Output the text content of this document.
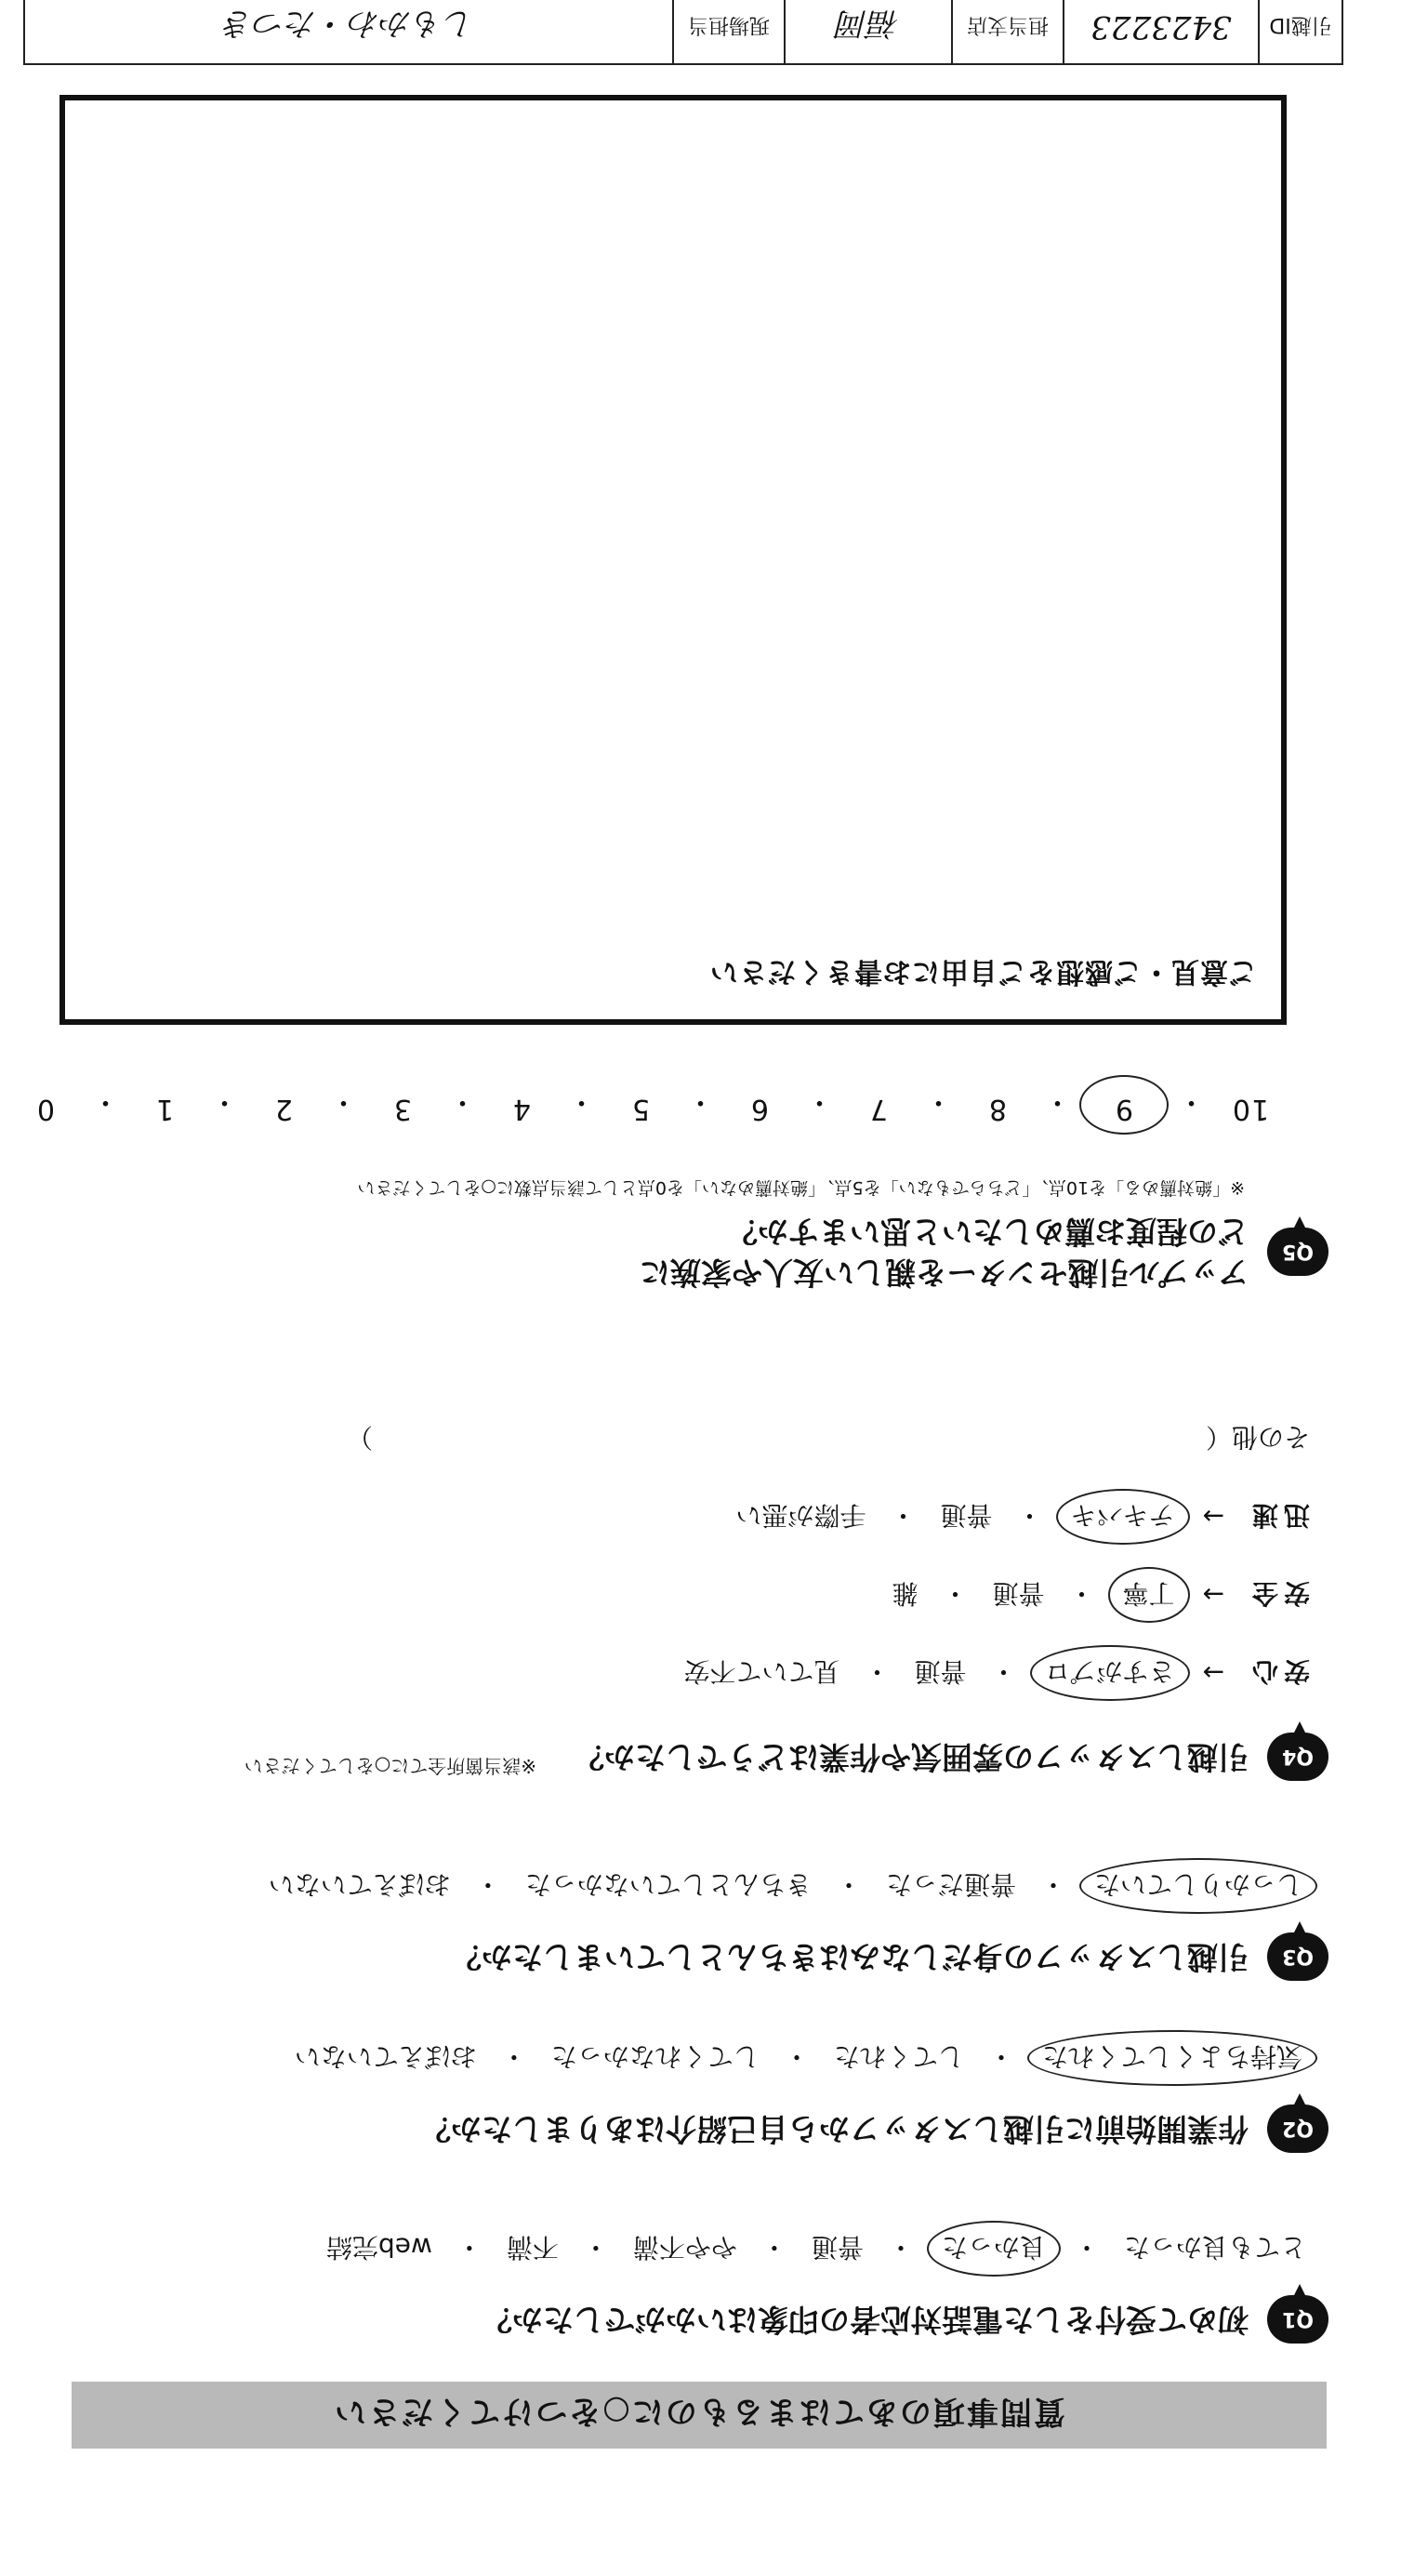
質問事項のあてはまるものに○をつけてください
Q1
初めて受付をした電話対応者の印象はいかがでしたか？
とても良かった
・
良かった
・
普通
・
やや不満
・
不満
・
web完結
Q2
作業開始前に引越しスタッフから自己紹介はありましたか？
気持ちよくしてくれた
・
してくれた
・
してくれなかった
・
おぼえていない
Q3
引越しスタッフの身だしなみはきちんとしていましたか？
しっかりしていた
・
普通だった
・
きちんとしていなかった
・
おぼえていない
Q4
引越しスタッフの雰囲気や作業はどうでしたか？
※該当箇所全てに○をしてください
安心
→
さすがプロ
・
普通
・
見ていて不安
安全
→
丁寧
・
普通
・
雑
迅速
→
テキパキ
・
普通
・
手際が悪い
その他（　　　　　　　　　　　　　　　　　　　　　　　　　　　　　　　　）
Q5
アップル引越センターを親しい友人や家族に
どの程度お薦めしたいと思いますか？
※「絶対薦める」を10点、「どちらでもない」を5点、「絶対薦めない」を0点として該当点数に○をしてください
10
・
9
・
8
・
7
・
6
・
5
・
4
・
3
・
2
・
1
・
0
ご意見・ご感想をご自由にお書きください
引越ID
3423223
担当支店
福岡
現場担当
しもかわ・たつき
